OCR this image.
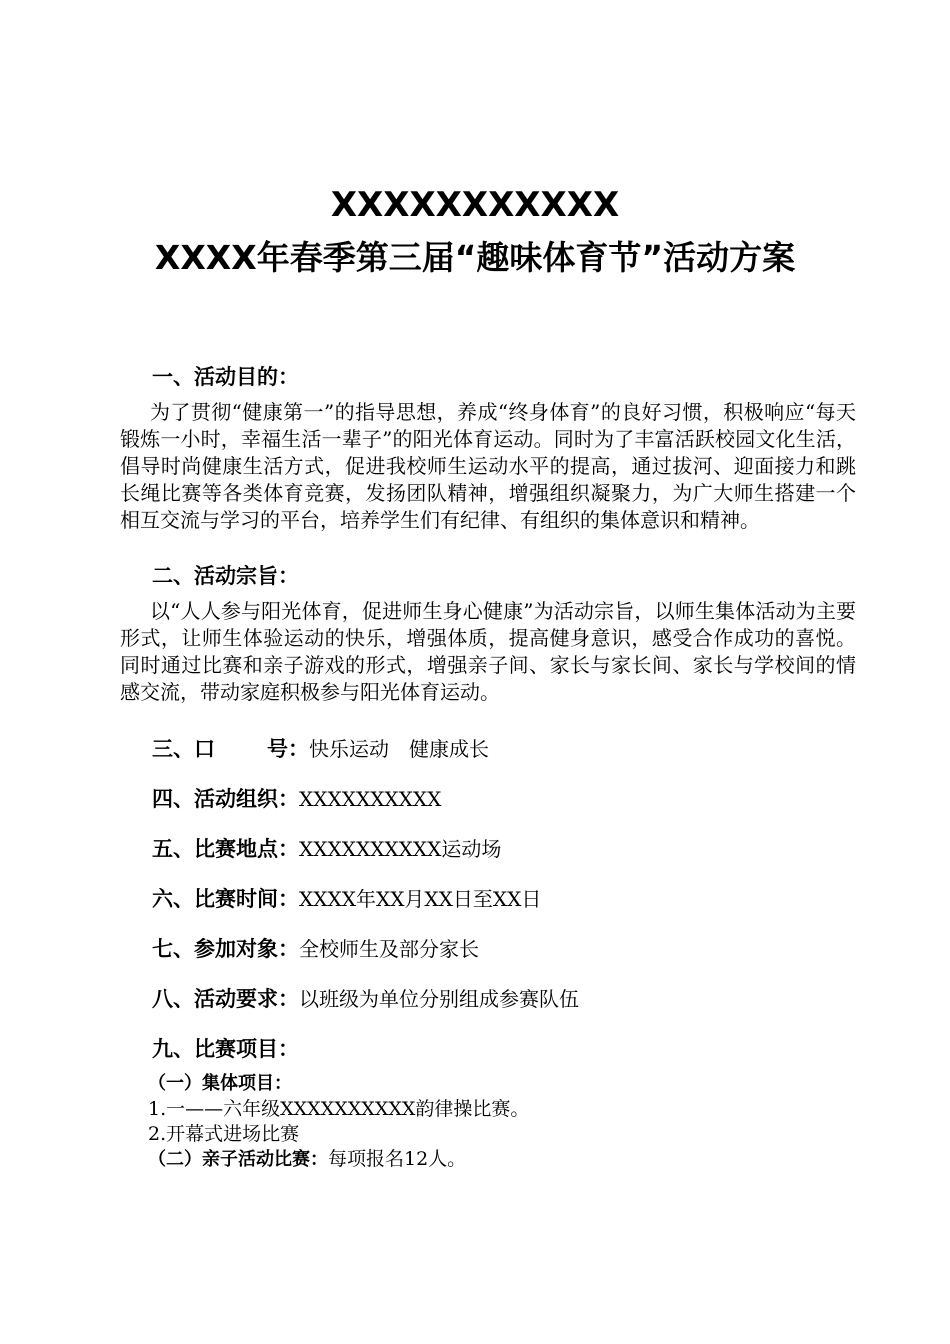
XXXXXXXXXXX
XXXX年春季第三届“趣味体育节”活动方案
一、活动目的：
为了贯彻“健康第一”的指导思想，养成“终身体育”的良好习惯，积极响应“每天锻炼一小时，幸福生活一辈子”的阳光体育运动。同时为了丰富活跃校园文化生活，倡导时尚健康生活方式，促进我校师生运动水平的提高，通过拔河、迎面接力和跳长绳比赛等各类体育竞赛，发扬团队精神，增强组织凝聚力，为广大师生搭建一个相互交流与学习的平台，培养学生们有纪律、有组织的集体意识和精神。
二、活动宗旨：
以“人人参与阳光体育，促进师生身心健康”为活动宗旨，以师生集体活动为主要形式，让师生体验运动的快乐，增强体质，提高健身意识，感受合作成功的喜悦。同时通过比赛和亲子游戏的形式，增强亲子间、家长与家长间、家长与学校间的情感交流，带动家庭积极参与阳光体育运动。
三、口 号：快乐运动　健康成长
四、活动组织：XXXXXXXXXX
五、比赛地点：XXXXXXXXXX运动场
六、比赛时间：XXXX年XX月XX日至XX日
七、参加对象：全校师生及部分家长
八、活动要求：以班级为单位分别组成参赛队伍
九、比赛项目：
（一）集体项目：
1.一——六年级XXXXXXXXXX韵律操比赛。
2.开幕式进场比赛
（二）亲子活动比赛：每项报名12人。
